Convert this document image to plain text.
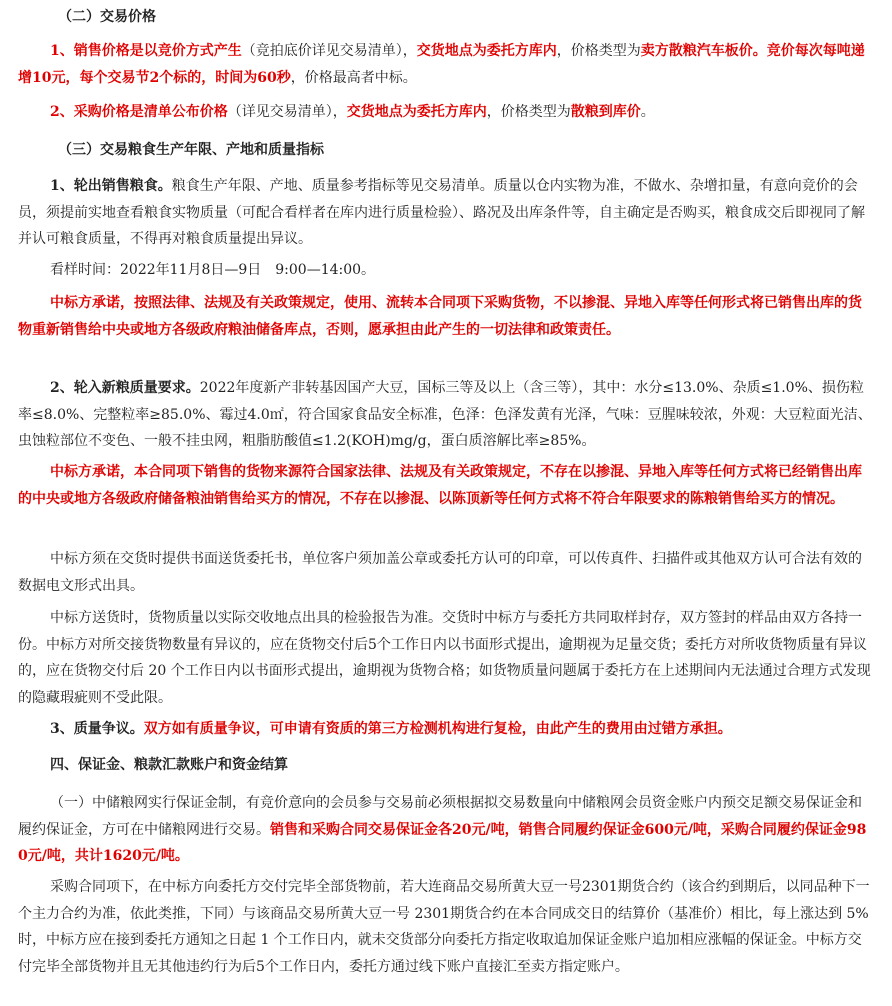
（二）交易价格

1、销售价格是以竞价方式产生（竞拍底价详见交易清单），交货地点为委托方库内，价格类型为卖方散粮汽车板价。竞价每次每吨递增10元，每个交易节2个标的，时间为60秒，价格最高者中标。

2、采购价格是清单公布价格（详见交易清单），交货地点为委托方库内，价格类型为散粮到库价。

（三）交易粮食生产年限、产地和质量指标

1、轮出销售粮食。粮食生产年限、产地、质量参考指标等见交易清单。质量以仓内实物为准，不做水、杂增扣量，有意向竞价的会员，须提前实地查看粮食实物质量（可配合看样者在库内进行质量检验）、路况及出库条件等，自主确定是否购买，粮食成交后即视同了解并认可粮食质量，不得再对粮食质量提出异议。

看样时间：2022年11月8日—9日　9:00—14:00。

中标方承诺，按照法律、法规及有关政策规定，使用、流转本合同项下采购货物，不以掺混、异地入库等任何形式将已销售出库的货物重新销售给中央或地方各级政府粮油储备库点，否则，愿承担由此产生的一切法律和政策责任。

2、轮入新粮质量要求。2022年度新产非转基因国产大豆，国标三等及以上（含三等），其中：水分≤13.0%、杂质≤1.0%、损伤粒率≤8.0%、完整粒率≥85.0%、霉过4.0㎡，符合国家食品安全标准，色泽：色泽发黄有光泽，气味：豆腥味较浓，外观：大豆粒面光洁、虫蚀粒部位不变色、一般不挂虫网，粗脂肪酸值≤1.2(KOH)mg/g，蛋白质溶解比率≥85%。

中标方承诺，本合同项下销售的货物来源符合国家法律、法规及有关政策规定，不存在以掺混、异地入库等任何方式将已经销售出库的中央或地方各级政府储备粮油销售给买方的情况，不存在以掺混、以陈顶新等任何方式将不符合年限要求的陈粮销售给买方的情况。

中标方须在交货时提供书面送货委托书，单位客户须加盖公章或委托方认可的印章，可以传真件、扫描件或其他双方认可合法有效的数据电文形式出具。

中标方送货时，货物质量以实际交收地点出具的检验报告为准。交货时中标方与委托方共同取样封存，双方签封的样品由双方各持一份。中标方对所交接货物数量有异议的，应在货物交付后5个工作日内以书面形式提出，逾期视为足量交货；委托方对所收货物质量有异议的，应在货物交付后 20 个工作日内以书面形式提出，逾期视为货物合格；如货物质量问题属于委托方在上述期间内无法通过合理方式发现的隐藏瑕疵则不受此限。

3、质量争议。双方如有质量争议，可申请有资质的第三方检测机构进行复检，由此产生的费用由过错方承担。

四、保证金、粮款汇款账户和资金结算

（一）中储粮网实行保证金制，有竞价意向的会员参与交易前必须根据拟交易数量向中储粮网会员资金账户内预交足额交易保证金和履约保证金，方可在中储粮网进行交易。销售和采购合同交易保证金各20元/吨，销售合同履约保证金600元/吨，采购合同履约保证金980元/吨，共计1620元/吨。

采购合同项下，在中标方向委托方交付完毕全部货物前，若大连商品交易所黄大豆一号2301期货合约（该合约到期后，以同品种下一个主力合约为准，依此类推，下同）与该商品交易所黄大豆一号 2301期货合约在本合同成交日的结算价（基准价）相比，每上涨达到 5%时，中标方应在接到委托方通知之日起 1 个工作日内，就未交货部分向委托方指定收取追加保证金账户追加相应涨幅的保证金。中标方交付完毕全部货物并且无其他违约行为后5个工作日内，委托方通过线下账户直接汇至卖方指定账户。
